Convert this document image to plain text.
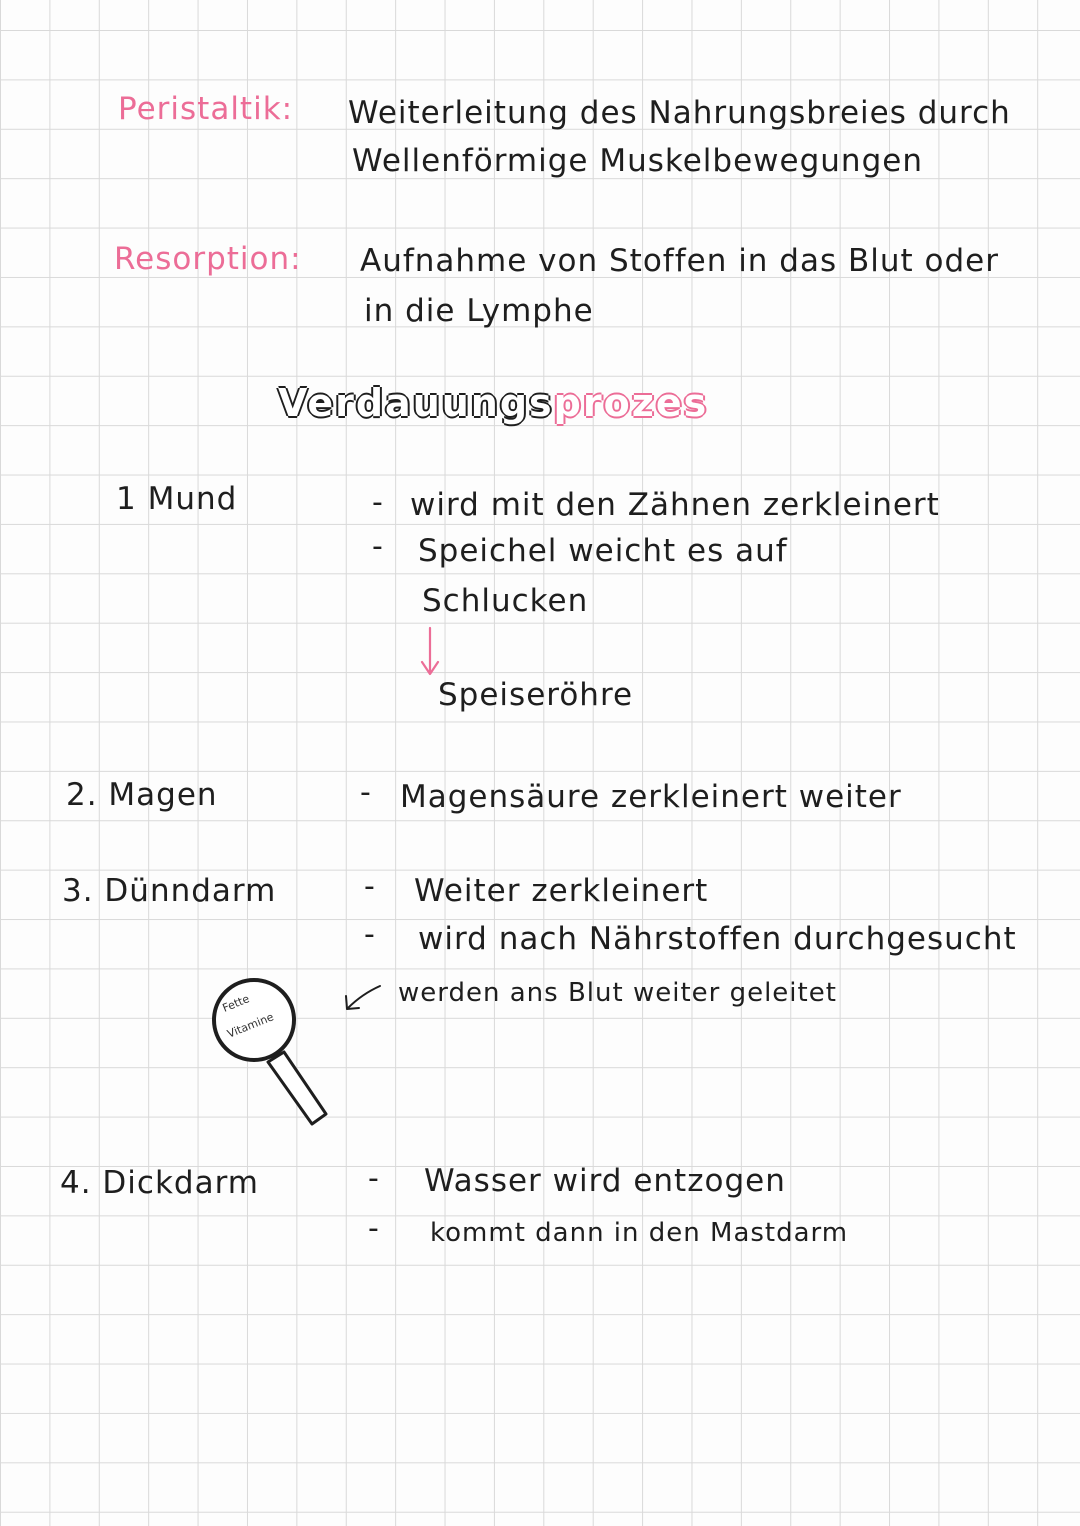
Peristaltik: Weiterleitung des Nahrungsbreies durch
Wellenförmige Muskelbewegungen
Resorption: Aufnahme von Stoffen in das Blut oder
in die Lymphe
Verdauungsprozes
1 Mund	- wird mit den Zähnen zerkleinert
- Speichel weicht es auf
Schlucken
Speiseröhre
2. Magen	- Magensäure zerkleinert weiter
3. Dünndarm	- Weiter zerkleinert
- wird nach Nährstoffen durchgesucht
werden ans Blut weiter geleitet
Fette
Vitamine
4. Dickdarm	- Wasser wird entzogen
- kommt dann in den Mastdarm
